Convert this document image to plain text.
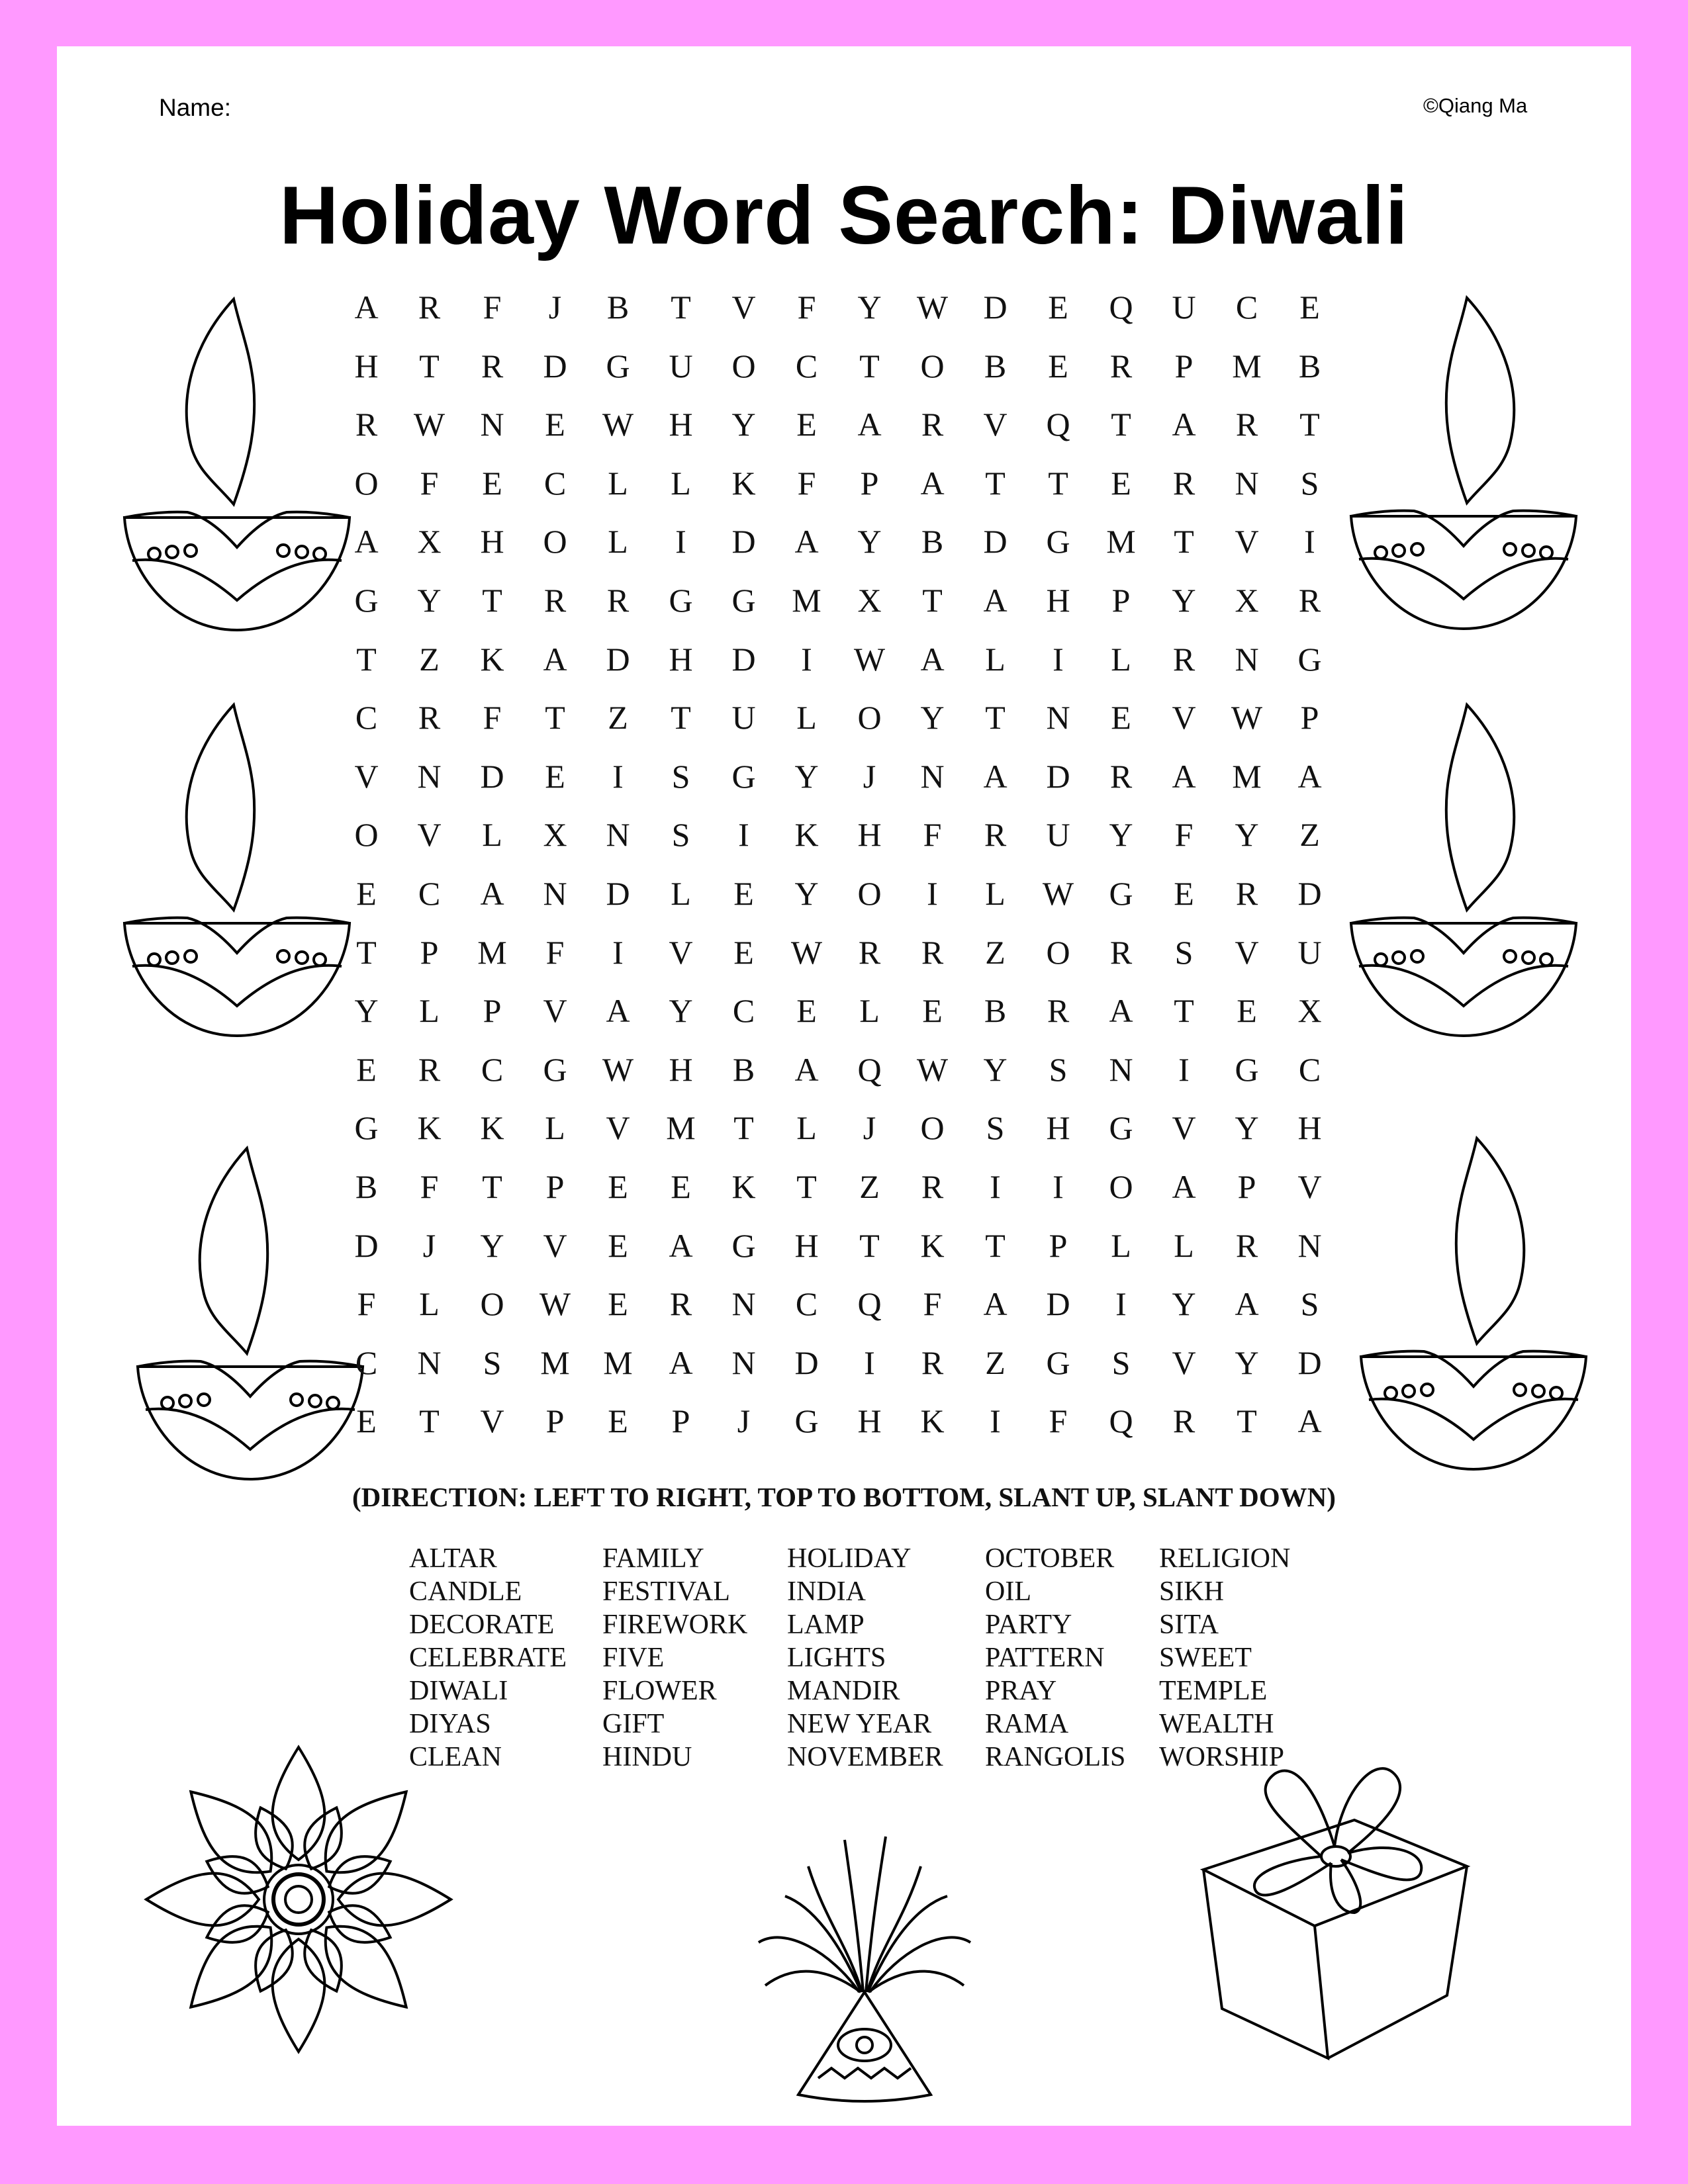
Name:	©Qiang Ma
Holiday Word Search: Diwali
A	R	F	J	B	T	V	F	Y	W	D	E	Q	U	C	E
H	T	R	D	G	U	O	C	T	O	B	E	R	P	M	B
R	W	N	E	W	H	Y	E	A	R	V	Q	T	A	R	T
O	F	E	C	L	L	K	F	P	A	T	T	E	R	N	S
A	X	H	O	L	I	D	A	Y	B	D	G	M	T	V	I
G	Y	T	R	R	G	G	M	X	T	A	H	P	Y	X	R
T	Z	K	A	D	H	D	I	W	A	L	I	L	R	N	G
C	R	F	T	Z	T	U	L	O	Y	T	N	E	V	W	P
V	N	D	E	I	S	G	Y	J	N	A	D	R	A	M	A
O	V	L	X	N	S	I	K	H	F	R	U	Y	F	Y	Z
E	C	A	N	D	L	E	Y	O	I	L	W	G	E	R	D
T	P	M	F	I	V	E	W	R	R	Z	O	R	S	V	U
Y	L	P	V	A	Y	C	E	L	E	B	R	A	T	E	X
E	R	C	G	W	H	B	A	Q	W	Y	S	N	I	G	C
G	K	K	L	V	M	T	L	J	O	S	H	G	V	Y	H
B	F	T	P	E	E	K	T	Z	R	I	I	O	A	P	V
D	J	Y	V	E	A	G	H	T	K	T	P	L	L	R	N
F	L	O	W	E	R	N	C	Q	F	A	D	I	Y	A	S
C	N	S	M	M	A	N	D	I	R	Z	G	S	V	Y	D
E	T	V	P	E	P	J	G	H	K	I	F	Q	R	T	A
(DIRECTION: LEFT TO RIGHT, TOP TO BOTTOM, SLANT UP, SLANT DOWN)
ALTAR
CANDLE
DECORATE
CELEBRATE
DIWALI
DIYAS
CLEAN
FAMILY
FESTIVAL
FIREWORK
FIVE
FLOWER
GIFT
HINDU
HOLIDAY
INDIA
LAMP
LIGHTS
MANDIR
NEW YEAR
NOVEMBER
OCTOBER
OIL
PARTY
PATTERN
PRAY
RAMA
RANGOLIS
RELIGION
SIKH
SITA
SWEET
TEMPLE
WEALTH
WORSHIP
